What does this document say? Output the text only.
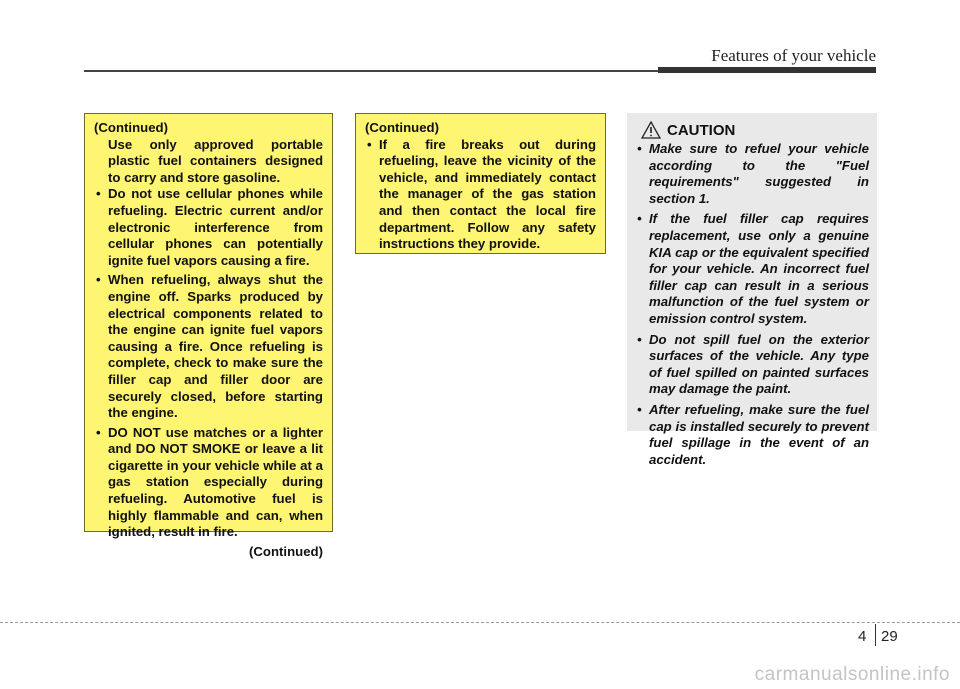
Features of your vehicle

(Continued)

Use only approved portable plastic fuel containers designed to carry and store gasoline.

• Do not use cellular phones while refueling. Electric current and/or electronic interference from cellular phones can potentially ignite fuel vapors causing a fire.
• When refueling, always shut the engine off. Sparks produced by electrical components related to the engine can ignite fuel vapors causing a fire. Once refueling is complete, check to make sure the filler cap and filler door are securely closed, before starting the engine.
• DO NOT use matches or a lighter and DO NOT SMOKE or leave a lit cigarette in your vehicle while at a gas station especially during refueling. Automotive fuel is highly flammable and can, when ignited, result in fire.

(Continued)

(Continued)

• If a fire breaks out during refueling, leave the vicinity of the vehicle, and immediately contact the manager of the gas station and then contact the local fire department. Follow any safety instructions they provide.
CAUTION
• Make sure to refuel your vehicle according to the "Fuel requirements" suggested in section 1.
• If the fuel filler cap requires replacement, use only a genuine KIA cap or the equivalent specified for your vehicle. An incorrect fuel filler cap can result in a serious malfunction of the fuel system or emission control system.
• Do not spill fuel on the exterior surfaces of the vehicle. Any type of fuel spilled on painted surfaces may damage the paint.
• After refueling, make sure the fuel cap is installed securely to prevent fuel spillage in the event of an accident.
4 29
carmanualsonline.info
